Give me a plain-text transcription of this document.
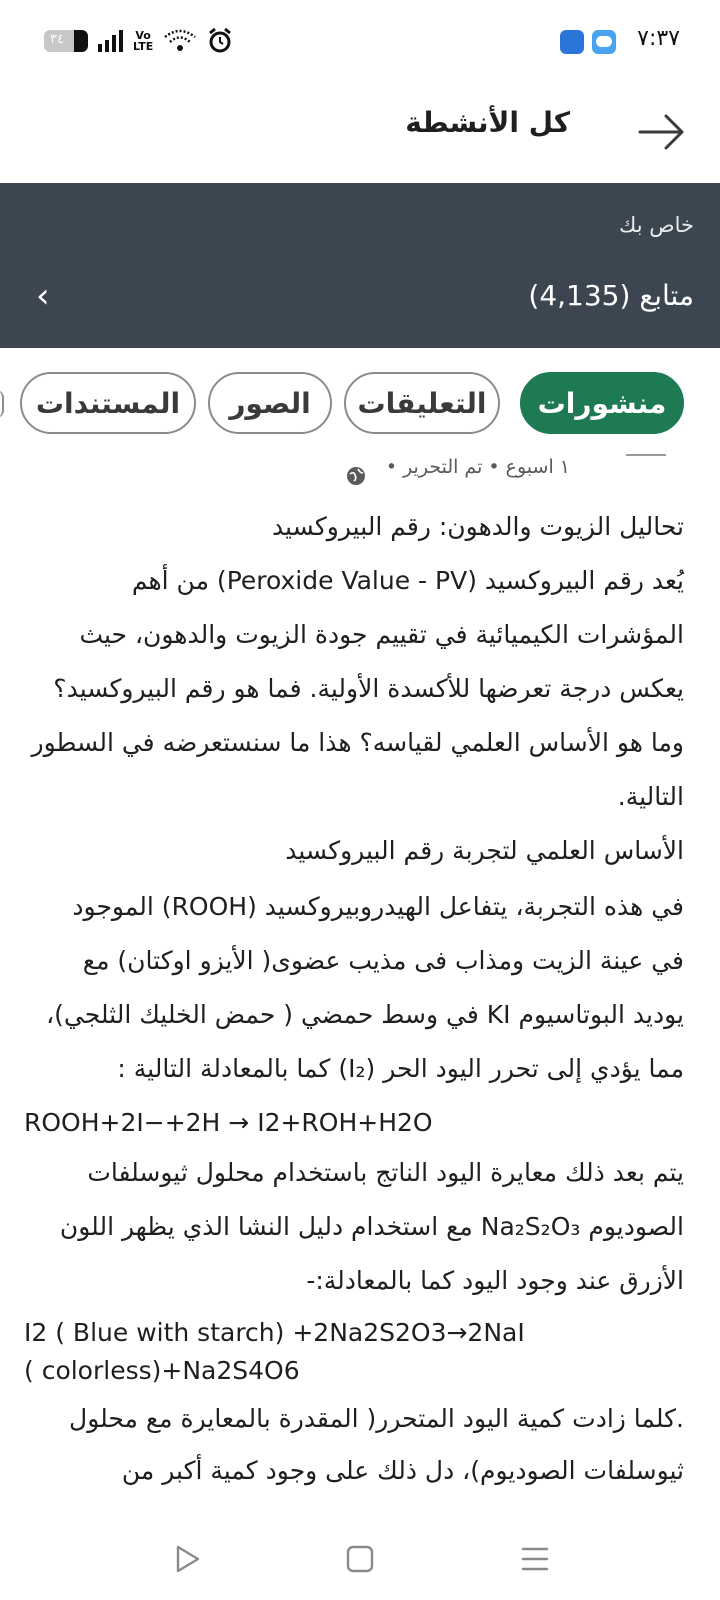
٣٤	Vo
LTE	٧:٣٧
كل الأنشطة
خاص بك
متابع (4,135)
‹
منشورات
التعليقات
الصور
المستندات
١ اسبوع • تم التحرير •
تحاليل الزيوت والدهون: رقم البيروكسيد
يُعد رقم البيروكسيد (Peroxide Value - PV) من أهم
المؤشرات الكيميائية في تقييم جودة الزيوت والدهون، حيث
يعكس درجة تعرضها للأكسدة الأولية. فما هو رقم البيروكسيد؟
وما هو الأساس العلمي لقياسه؟ هذا ما سنستعرضه في السطور
التالية.
الأساس العلمي لتجربة رقم البيروكسيد
في هذه التجربة، يتفاعل الهيدروبيروكسيد (ROOH) الموجود
في عينة الزيت ومذاب فى مذيب عضوى( الأيزو اوكتان) مع
يوديد البوتاسيوم KI في وسط حمضي ( حمض الخليك الثلجي)،
مما يؤدي إلى تحرر اليود الحر (I₂) كما بالمعادلة التالية :
ROOH+2I−+2H → I2+ROH+H2O
يتم بعد ذلك معايرة اليود الناتج باستخدام محلول ثيوسلفات
الصوديوم Na₂S₂O₃ مع استخدام دليل النشا الذي يظهر اللون
الأزرق عند وجود اليود كما بالمعادلة:-
I2 ( Blue with starch) +2Na2S2O3→2NaI
( colorless)+Na2S4O6
.كلما زادت كمية اليود المتحرر( المقدرة بالمعايرة مع محلول
ثيوسلفات الصوديوم)، دل ذلك على وجود كمية أكبر من
